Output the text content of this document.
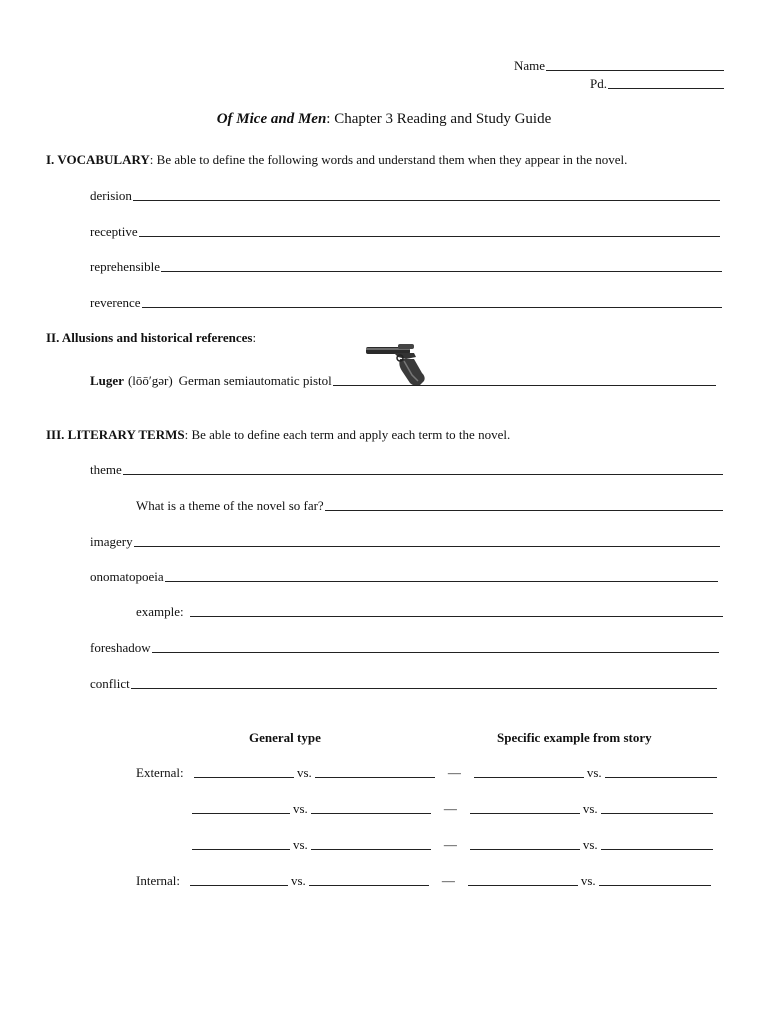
Name
Pd.
Of Mice and Men: Chapter 3 Reading and Study Guide
I. VOCABULARY: Be able to define the following words and understand them when they appear in the novel.
derision
receptive
reprehensible
reverence
II. Allusions and historical references:
Luger (lōō′gər) German semiautomatic pistol
III. LITERARY TERMS: Be able to define each term and apply each term to the novel.
theme
What is a theme of the novel so far?
imagery
onomatopoeia
example:
foreshadow
conflict
General type	Specific example from story
External:	vs.	—	vs.
vs.	—	vs.
vs.	—	vs.
Internal:	vs.	—	vs.
